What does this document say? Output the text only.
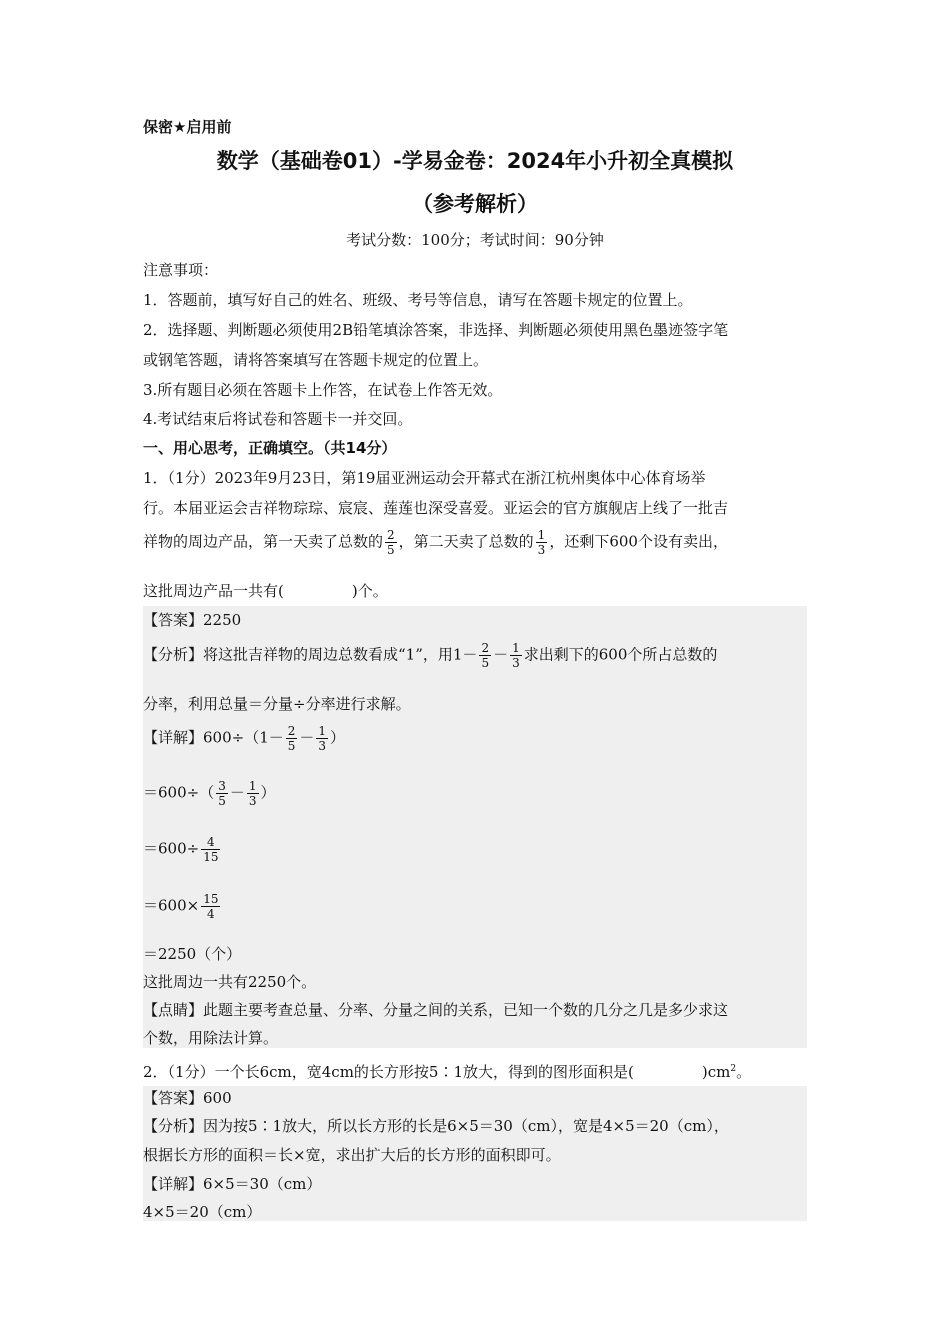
保密★启用前
数学（基础卷01）-学易金卷：2024年小升初全真模拟
（参考解析）
考试分数：100分；考试时间：90分钟
注意事项：
1．答题前，填写好自己的姓名、班级、考号等信息，请写在答题卡规定的位置上。
2．选择题、判断题必须使用2B铅笔填涂答案，非选择、判断题必须使用黑色墨迹签字笔
或钢笔答题，请将答案填写在答题卡规定的位置上。
3.所有题目必须在答题卡上作答，在试卷上作答无效。
4.考试结束后将试卷和答题卡一并交回。
一、用心思考，正确填空。（共14分）
1．（1分）2023年9月23日，第19届亚洲运动会开幕式在浙江杭州奥体中心体育场举
行。本届亚运会吉祥物琮琮、宸宸、莲莲也深受喜爱。亚运会的官方旗舰店上线了一批吉
祥物的周边产品，第一天卖了总数的 $\frac{2}{5}$ ，第二天卖了总数的 $\frac{1}{3}$ ，还剩下600个设有卖出，
这批周边产品一共有(	)个。
【答案】2250
【分析】将这批吉祥物的周边总数看成“1”，用$1- \frac{2}{5} - \frac{1}{3}$ 求出剩下的600个所占总数的
分率，利用总量＝分量÷分率进行求解。
【详解】$600\div(1- \frac{2}{5} - \frac{1}{3}$ ）
$=600\div( \frac{3}{5} - \frac{1}{3}$ ）
$=600\div \frac{4}{15}$
$=600\times \frac{15}{4}$
＝2250（个）
这批周边一共有2250个。
【点睛】此题主要考查总量、分率、分量之间的关系，已知一个数的几分之几是多少求这
个数，用除法计算。
2．（1分）一个长6cm，宽4cm的长方形按5∶1放大，得到的图形面积是(	)$cm^2$。
【答案】600
【分析】因为按5∶1放大，所以长方形的长是6×5＝30（cm），宽是4×5＝20（cm），
根据长方形的面积＝长×宽，求出扩大后的长方形的面积即可。
【详解】6×5＝30（cm）
4×5＝20（cm）
